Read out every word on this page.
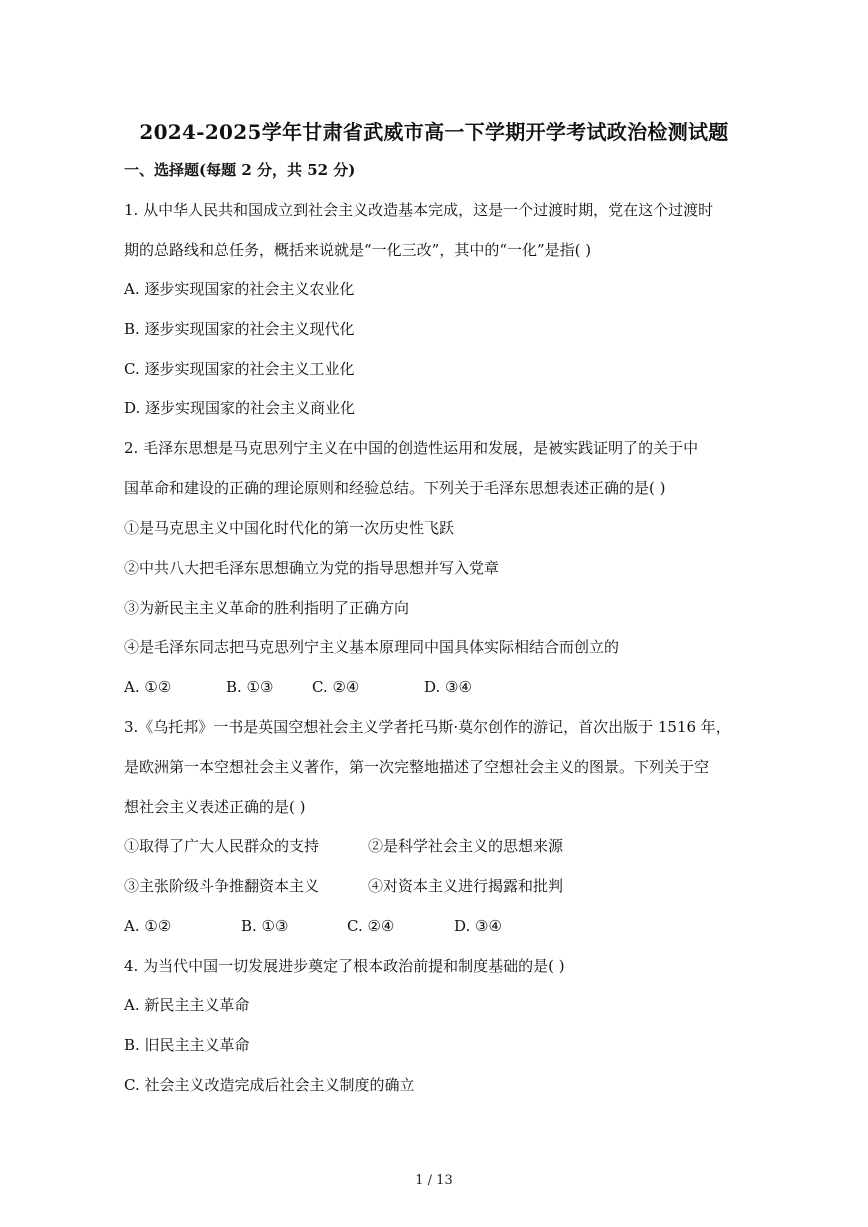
2024-2025学年甘肃省武威市高一下学期开学考试政治检测试题
一、选择题(每题 2 分，共 52 分)
1. 从中华人民共和国成立到社会主义改造基本完成，这是一个过渡时期，党在这个过渡时
期的总路线和总任务，概括来说就是“一化三改”，其中的“一化”是指( )
A. 逐步实现国家的社会主义农业化
B. 逐步实现国家的社会主义现代化
C. 逐步实现国家的社会主义工业化
D. 逐步实现国家的社会主义商业化
2. 毛泽东思想是马克思列宁主义在中国的创造性运用和发展，是被实践证明了的关于中
国革命和建设的正确的理论原则和经验总结。下列关于毛泽东思想表述正确的是( )
①是马克思主义中国化时代化的第一次历史性飞跃
②中共八大把毛泽东思想确立为党的指导思想并写入党章
③为新民主主义革命的胜利指明了正确方向
④是毛泽东同志把马克思列宁主义基本原理同中国具体实际相结合而创立的
A. ①②	B. ①③	C. ②④	D. ③④
3.《乌托邦》一书是英国空想社会主义学者托马斯·莫尔创作的游记，首次出版于 1516 年，
是欧洲第一本空想社会主义著作，第一次完整地描述了空想社会主义的图景。下列关于空
想社会主义表述正确的是( )
①取得了广大人民群众的支持	②是科学社会主义的思想来源
③主张阶级斗争推翻资本主义	④对资本主义进行揭露和批判
A. ①②	B. ①③	C. ②④	D. ③④
4. 为当代中国一切发展进步奠定了根本政治前提和制度基础的是( )
A. 新民主主义革命
B. 旧民主主义革命
C. 社会主义改造完成后社会主义制度的确立
1 / 13
